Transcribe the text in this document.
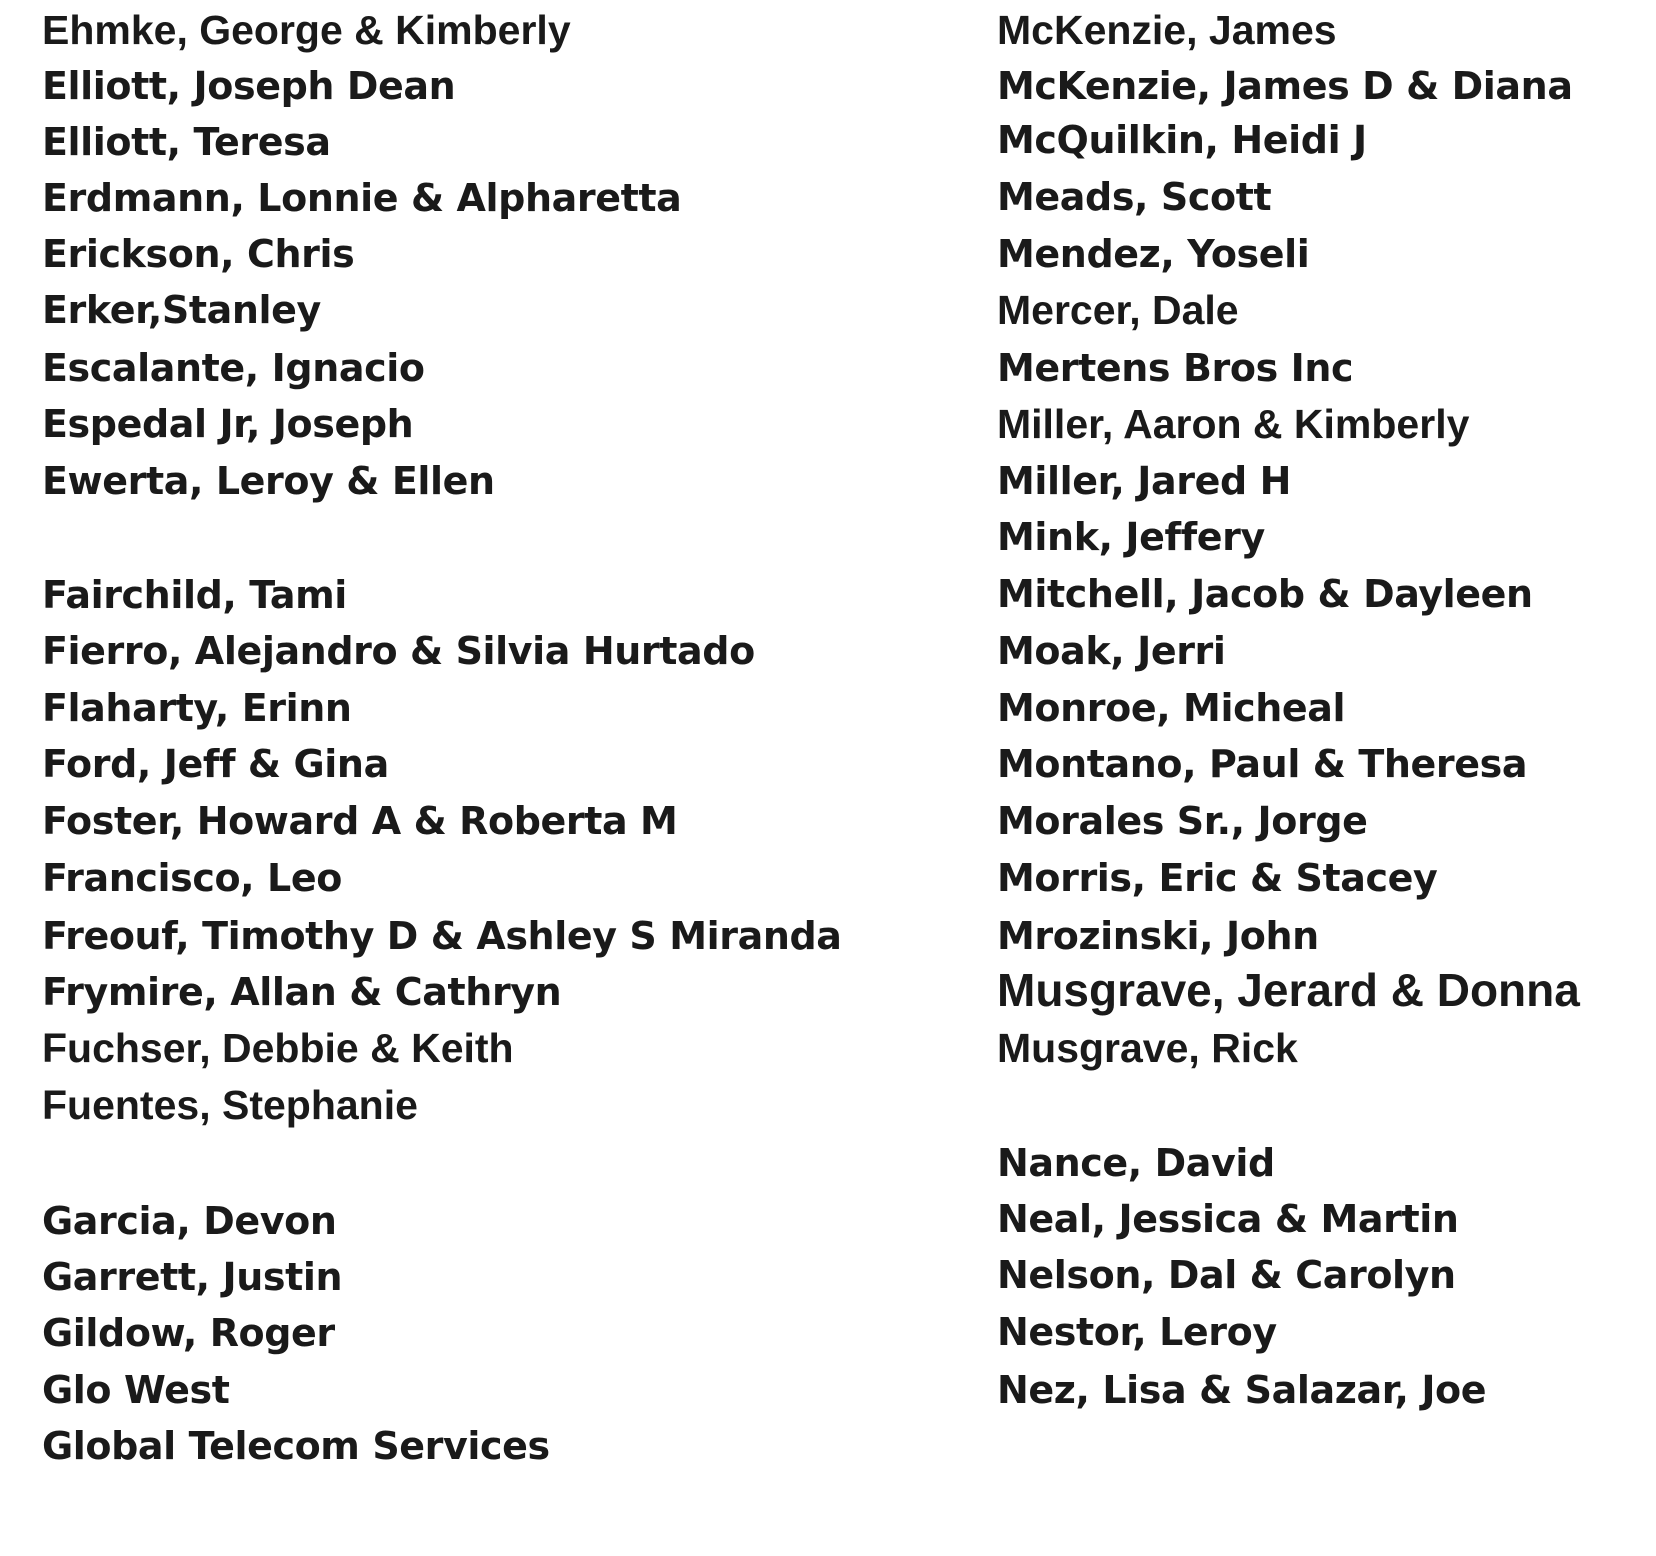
Ehmke, George & Kimberly
Elliott, Joseph Dean
Elliott, Teresa
Erdmann, Lonnie & Alpharetta
Erickson, Chris
Erker,Stanley
Escalante, Ignacio
Espedal Jr, Joseph
Ewerta, Leroy & Ellen
Fairchild, Tami
Fierro, Alejandro & Silvia Hurtado
Flaharty, Erinn
Ford, Jeff & Gina
Foster, Howard A & Roberta M
Francisco, Leo
Freouf, Timothy D & Ashley S Miranda
Frymire, Allan & Cathryn
Fuchser, Debbie & Keith
Fuentes, Stephanie
Garcia, Devon
Garrett, Justin
Gildow, Roger
Glo West
Global Telecom Services
McKenzie, James
McKenzie, James D & Diana
McQuilkin, Heidi J
Meads, Scott
Mendez, Yoseli
Mercer, Dale
Mertens Bros Inc
Miller, Aaron & Kimberly
Miller, Jared H
Mink, Jeffery
Mitchell, Jacob & Dayleen
Moak, Jerri
Monroe, Micheal
Montano, Paul & Theresa
Morales Sr., Jorge
Morris, Eric & Stacey
Mrozinski, John
Musgrave, Jerard & Donna
Musgrave, Rick
Nance, David
Neal, Jessica & Martin
Nelson, Dal & Carolyn
Nestor, Leroy
Nez, Lisa & Salazar, Joe
